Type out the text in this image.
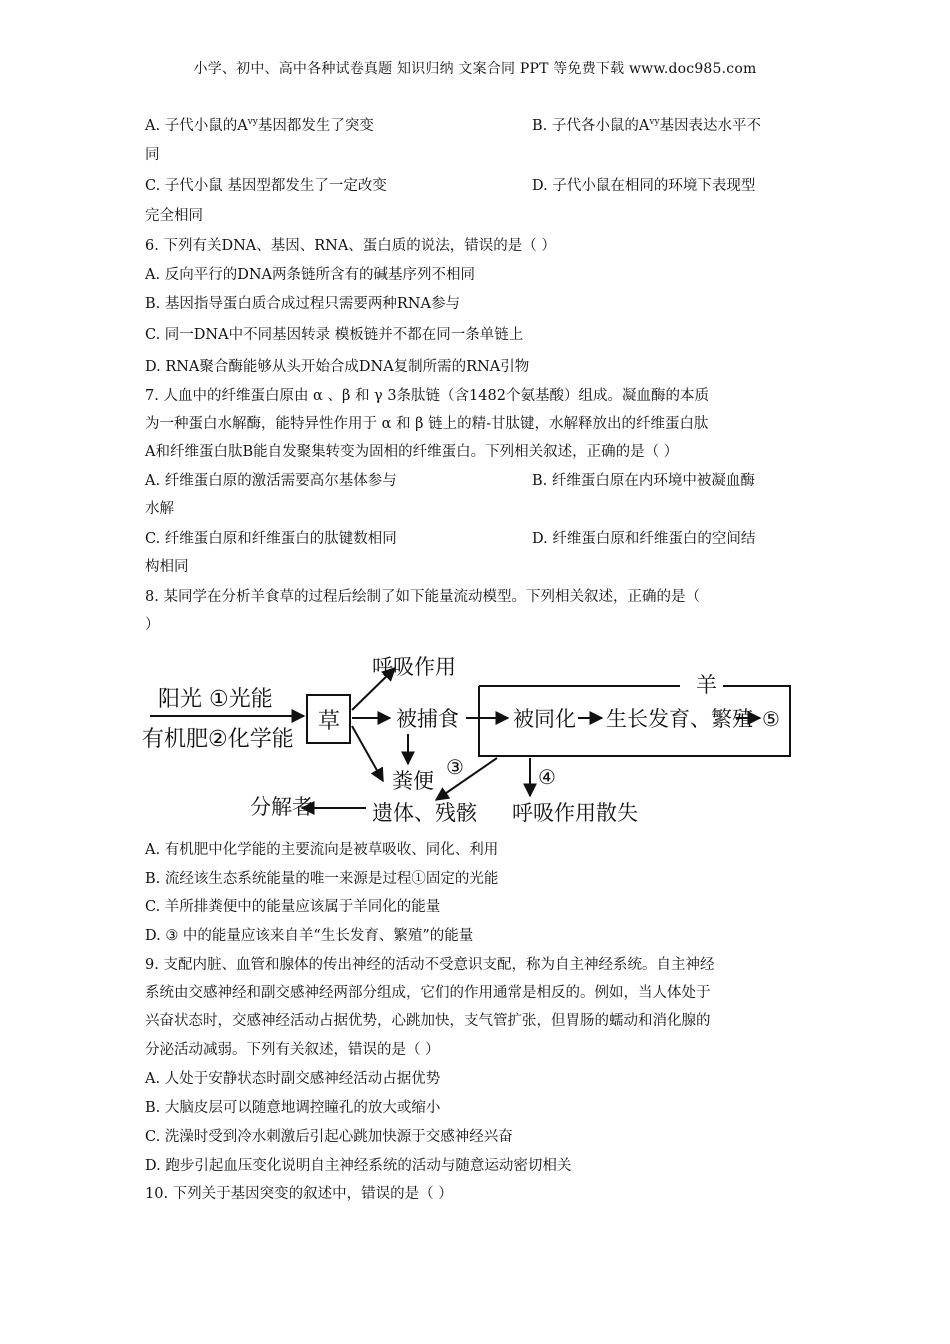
小学、初中、高中各种试卷真题 知识归纳 文案合同 PPT 等免费下载 www.doc985.com
A. 子代小鼠的$A^{vy}$基因都发生了突变	B. 子代各小鼠的$A^{vy}$基因表达水平不
同
C. 子代小鼠 基因型都发生了一定改变	D. 子代小鼠在相同的环境下表现型
完全相同
6. 下列有关DNA、基因、RNA、蛋白质的说法，错误的是（ ）
A. 反向平行的DNA两条链所含有的碱基序列不相同
B. 基因指导蛋白质合成过程只需要两种RNA参与
C. 同一DNA中不同基因转录 模板链并不都在同一条单链上
D. RNA聚合酶能够从头开始合成DNA复制所需的RNA引物
7. 人血中的纤维蛋白原由 α 、β 和 γ 3条肽链（含1482个氨基酸）组成。凝血酶的本质
为一种蛋白水解酶，能特异性作用于 α 和 β 链上的精-甘肽键，水解释放出的纤维蛋白肽
A和纤维蛋白肽B能自发聚集转变为固相的纤维蛋白。下列相关叙述，正确的是（ ）
A. 纤维蛋白原的激活需要高尔基体参与	B. 纤维蛋白原在内环境中被凝血酶
水解
C. 纤维蛋白原和纤维蛋白的肽键数相同	D. 纤维蛋白原和纤维蛋白的空间结
构相同
8. 某同学在分析羊食草的过程后绘制了如下能量流动模型。下列相关叙述，正确的是（
）
阳光 ①光能
有机肥②化学能
草
呼吸作用
被捕食
粪便
③
遗体、残骸
分解者
羊
被同化 生长发育、繁殖 ⑤
④
呼吸作用散失
A. 有机肥中化学能的主要流向是被草吸收、同化、利用
B. 流经该生态系统能量的唯一来源是过程①固定的光能
C. 羊所排粪便中的能量应该属于羊同化的能量
D. ③ 中的能量应该来自羊“生长发育、繁殖”的能量
9. 支配内脏、血管和腺体的传出神经的活动不受意识支配，称为自主神经系统。自主神经
系统由交感神经和副交感神经两部分组成，它们的作用通常是相反的。例如，当人体处于
兴奋状态时，交感神经活动占据优势，心跳加快，支气管扩张，但胃肠的蠕动和消化腺的
分泌活动减弱。下列有关叙述，错误的是（ ）
A. 人处于安静状态时副交感神经活动占据优势
B. 大脑皮层可以随意地调控瞳孔的放大或缩小
C. 洗澡时受到冷水刺激后引起心跳加快源于交感神经兴奋
D. 跑步引起血压变化说明自主神经系统的活动与随意运动密切相关
10. 下列关于基因突变的叙述中，错误的是（ ）
